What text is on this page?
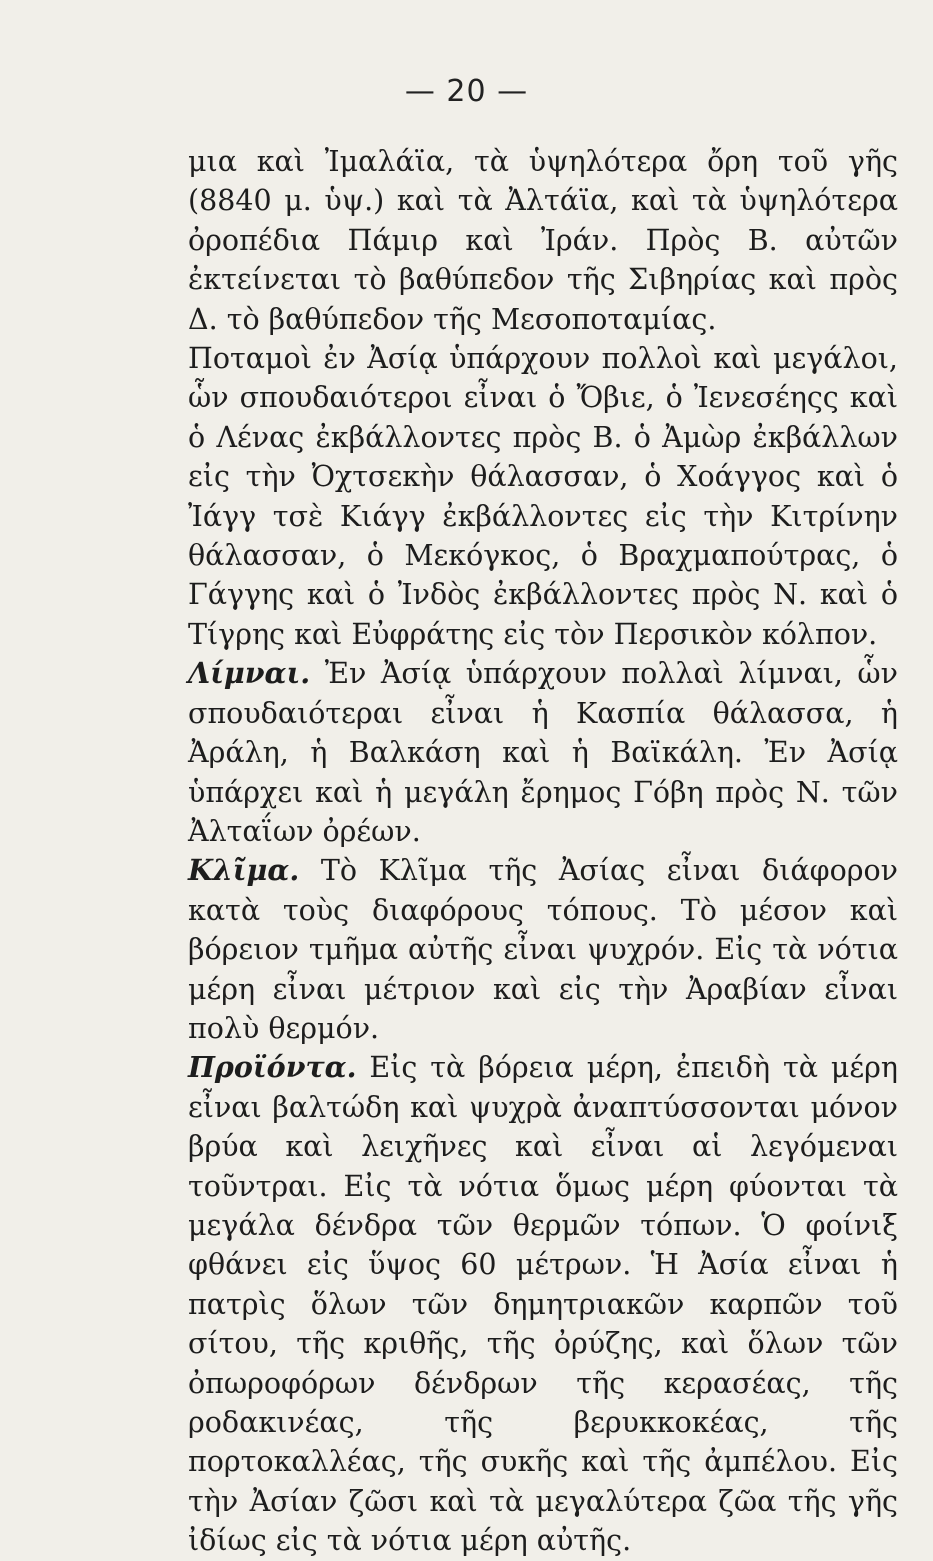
— 20 —

μια καὶ Ἰμαλάϊα, τὰ ὑψηλότερα ὄρη τοῦ γῆς (8840 μ. ὑψ.) καὶ τὰ Ἀλτάϊα, καὶ τὰ ὑψηλότερα ὀροπέδια Πάμιρ καὶ Ἰράν. Πρὸς Β. αὐτῶν ἐκτείνεται τὸ βαθύπεδον τῆς Σιβηρίας καὶ πρὸς Δ. τὸ βαθύπεδον τῆς Μεσοποταμίας.

Ποταμοὶ ἐν Ἀσίᾳ ὑπάρχουν πολλοὶ καὶ μεγάλοι, ὧν σπουδαιότεροι εἶναι ὁ Ὄβιε, ὁ Ἰενεσέηςς καὶ ὁ Λένας ἐκβάλλοντες πρὸς Β. ὁ Ἀμὼρ ἐκβάλλων εἰς τὴν Ὀχτσεκὴν θάλασσαν, ὁ Χοάγγος καὶ ὁ Ἰάγγ τσὲ Κιάγγ ἐκβάλλοντες εἰς τὴν Κιτρίνην θάλασσαν, ὁ Μεκόγκος, ὁ Βραχμαπούτρας, ὁ Γάγγης καὶ ὁ Ἰνδὸς ἐκβάλλοντες πρὸς Ν. καὶ ὁ Τίγρης καὶ Εὐφράτης εἰς τὸν Περσικὸν κόλπον.

Λίμναι. Ἐν Ἀσίᾳ ὑπάρχουν πολλαὶ λίμναι, ὧν σπουδαιότεραι εἶναι ἡ Κασπία θάλασσα, ἡ Ἀράλη, ἡ Βαλκάση καὶ ἡ Βαϊκάλη. Ἐν Ἀσίᾳ ὑπάρχει καὶ ἡ μεγάλη ἔρημος Γόβη πρὸς Ν. τῶν Ἀλταΐων ὀρέων.

Κλῖμα. Τὸ Κλῖμα τῆς Ἀσίας εἶναι διάφορον κατὰ τοὺς διαφόρους τόπους. Τὸ μέσον καὶ βόρειον τμῆμα αὐτῆς εἶναι ψυχρόν. Εἰς τὰ νότια μέρη εἶναι μέτριον καὶ εἰς τὴν Ἀραβίαν εἶναι πολὺ θερμόν.

Προϊόντα. Εἰς τὰ βόρεια μέρη, ἐπειδὴ τὰ μέρη εἶναι βαλτώδη καὶ ψυχρὰ ἀναπτύσσονται μόνον βρύα καὶ λειχῆνες καὶ εἶναι αἱ λεγόμεναι τοῦντραι. Εἰς τὰ νότια ὅμως μέρη φύονται τὰ μεγάλα δένδρα τῶν θερμῶν τόπων. Ὁ φοίνιξ φθάνει εἰς ὕψος 60 μέτρων. Ἡ Ἀσία εἶναι ἡ πατρὶς ὅλων τῶν δημητριακῶν καρπῶν τοῦ σίτου, τῆς κριθῆς, τῆς ὀρύζης, καὶ ὅλων τῶν ὀπωροφόρων δένδρων τῆς κερασέας, τῆς ροδακινέας, τῆς βερυκκοκέας, τῆς πορτοκαλλέας, τῆς συκῆς καὶ τῆς ἀμπέλου. Εἰς τὴν Ἀσίαν ζῶσι καὶ τὰ μεγαλύτερα ζῶα τῆς γῆς ἰδίως εἰς τὰ νότια μέρη αὐτῆς.
